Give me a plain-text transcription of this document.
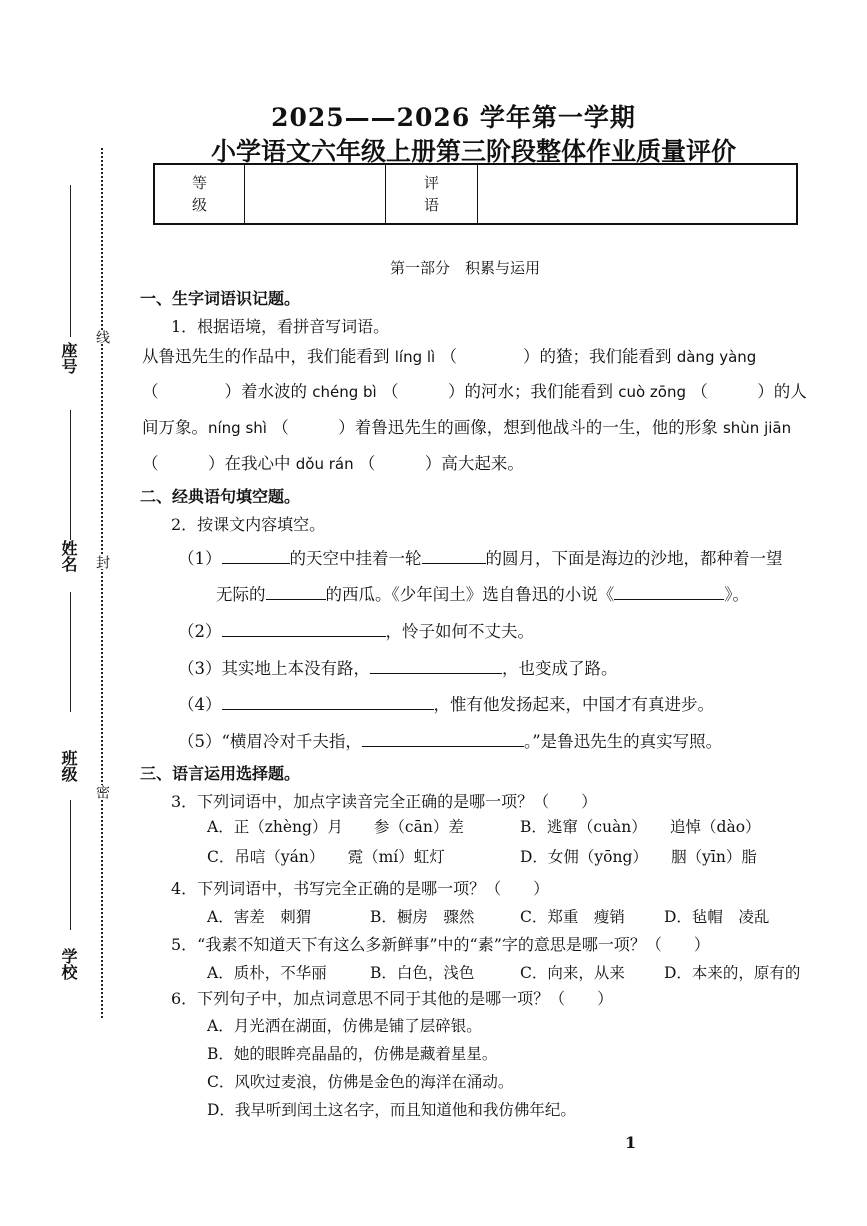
2025——2026 学年第一学期
小学语文六年级上册第三阶段整体作业质量评价
等级
评语
线
封
密
座号
姓名
班级
学校
第一部分　积累与运用
一、生字词语识记题。
1．根据语境，看拼音写词语。
从鲁迅先生的作品中，我们能看到 líng lì （　　　　）的猹；我们能看到 dàng yàng
（　　　　）着水波的 chéng bì （　　　）的河水；我们能看到 cuò zōng （　　　）的人
间万象。níng shì （　　　）着鲁迅先生的画像，想到他战斗的一生，他的形象 shùn jiān
（　　　）在我心中 dǒu rán （　　　）高大起来。
二、经典语句填空题。
2．按课文内容填空。
（1）	的天空中挂着一轮	的圆月，下面是海边的沙地，都种着一望
无际的	的西瓜。《少年闰土》选自鲁迅的小说《	》。
（2）	，怜子如何不丈夫。
（3）其实地上本没有路，	，也变成了路。
（4）	，惟有他发扬起来，中国才有真进步。
（5）“横眉冷对千夫指，	。”是鲁迅先生的真实写照。
三、语言运用选择题。
3．下列词语中，加点字读音完全正确的是哪一项？（　　）
A．正（zhèng）月　　参（cān）差	B．逃窜（cuàn）　　追悼（dào）
C．吊唁（yán）　　霓（mí）虹灯	D．女佣（yōng）　　胭（yīn）脂
4．下列词语中，书写完全正确的是哪一项？（　　）
A．害差　刺猬	B．橱房　骤然	C．郑重　瘦销	D．毡帽　凌乱
5．“我素不知道天下有这么多新鲜事”中的“素”字的意思是哪一项？（　　）
A．质朴，不华丽	B．白色，浅色	C．向来，从来	D．本来的，原有的
6．下列句子中，加点词意思不同于其他的是哪一项？（　　）
A．月光洒在湖面，仿佛是铺了层碎银。
B．她的眼眸亮晶晶的，仿佛是藏着星星。
C．风吹过麦浪，仿佛是金色的海洋在涌动。
D．我早听到闰土这名字，而且知道他和我仿佛年纪。
1
